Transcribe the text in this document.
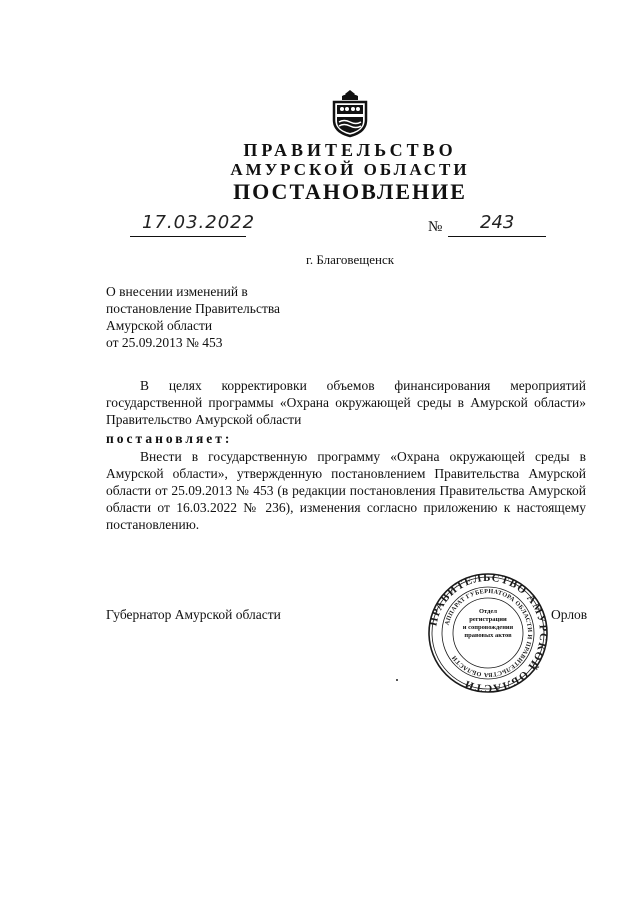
ПРАВИТЕЛЬСТВО
АМУРСКОЙ ОБЛАСТИ
ПОСТАНОВЛЕНИЕ
17.03.2022	№ 243
г. Благовещенск
О внесении изменений в
постановление Правительства
Амурской области
от 25.09.2013 № 453
В целях корректировки объемов финансирования мероприятий государственной программы «Охрана окружающей среды в Амурской области» Правительство Амурской области
постановляет:
Внести в государственную программу «Охрана окружающей среды в Амурской области», утвержденную постановлением Правительства Амурской области от 25.09.2013 № 453 (в редакции постановления Правительства Амурской области от 16.03.2022 № 236), изменения согласно приложению к настоящему постановлению.
Губернатор Амурской области	Орлов
ПРАВИТЕЛЬСТВО АМУРСКОЙ ОБЛАСТИ
АППАРАТ ГУБЕРНАТОРА ОБЛАСТИ И ПРАВИТЕЛЬСТВА ОБЛАСТИ
Отдел
регистрации
и сопровождения
правовых актов
